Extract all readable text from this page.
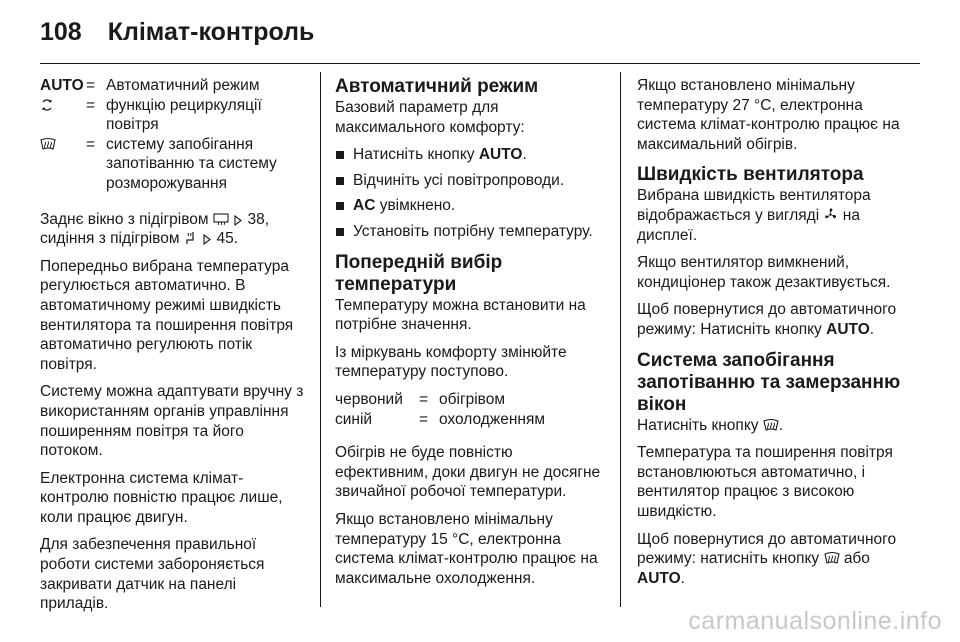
108 Клімат-контроль
AUTO = Автоматичний режим
= функцію рециркуляції повітря
= систему запобігання запотіванню та систему розморожування

Заднє вікно з підігрівом
	38, сидіння з підігрівом
45.

Попередньо вибрана температура регулюється автоматично. В автоматичному режимі швидкість вентилятора та поширення повітря автоматично регулюють потік повітря.

Систему можна адаптувати вручну з використанням органів управління поширенням повітря та його потоком.

Електронна система клімат-контролю повністю працює лише, коли працює двигун.

Для забезпечення правильної роботи системи забороняється закривати датчик на панелі приладів.

Автоматичний режим

Базовий параметр для максимального комфорту:

Натисніть кнопку AUTO.
Відчиніть усі повітропроводи.
AC увімкнено.
Установіть потрібну температуру.
Попередній вибір температури

Температуру можна встановити на потрібне значення.

Із міркувань комфорту змінюйте температуру поступово.

червоний	= обігрівом
синій	= охолодженням

Обігрів не буде повністю ефективним, доки двигун не досягне звичайної робочої температури.

Якщо встановлено мінімальну температуру 15 °C, електронна система клімат-контролю працює на максимальне охолодження.

Якщо встановлено мінімальну температуру 27 °C, електронна система клімат-контролю працює на максимальний обігрів.

Швидкість вентилятора

Вибрана швидкість вентилятора відображається у вигляді на дисплеї.

Якщо вентилятор вимкнений, кондиціонер також дезактивується.

Щоб повернутися до автоматичного режиму: Натисніть кнопку AUTO.

Система запобігання запотіванню та замерзанню вікон

Натисніть кнопку .

Температура та поширення повітря встановлюються автоматично, і вентилятор працює з високою швидкістю.

Щоб повернутися до автоматичного режиму: натисніть кнопку або AUTO.

carmanualsonline.info
